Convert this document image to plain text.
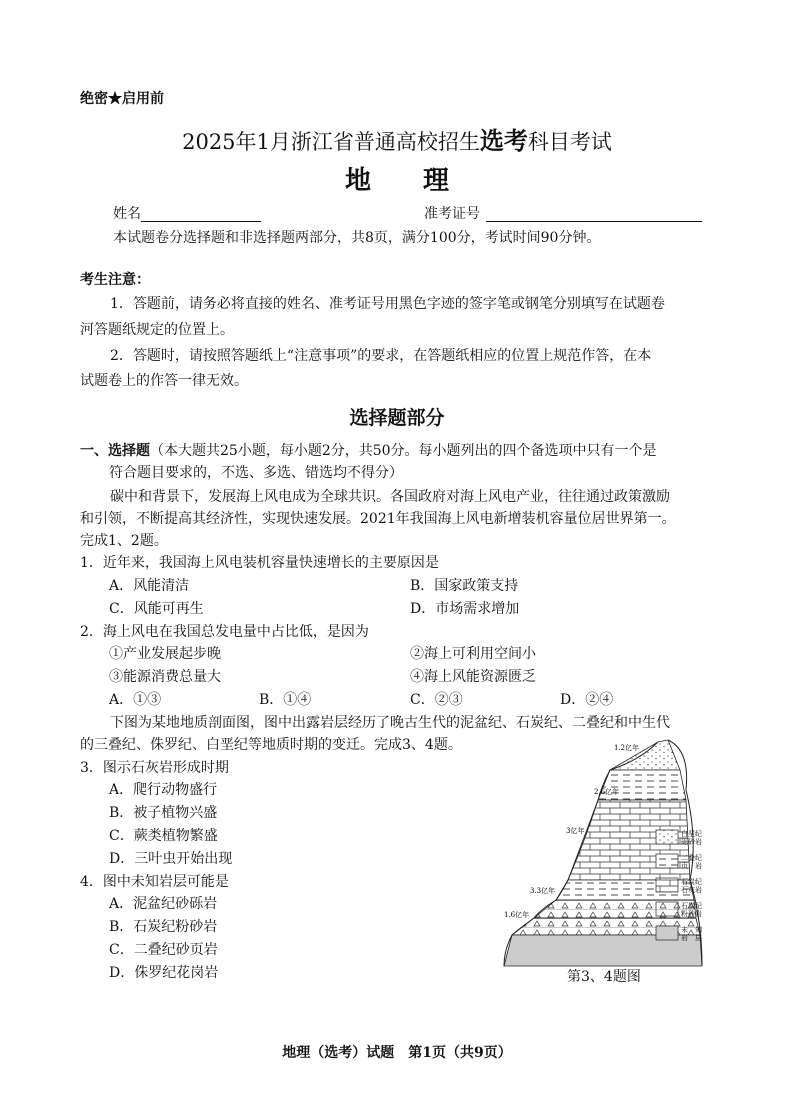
绝密★启用前
2025年1月浙江省普通高校招生选考科目考试
地　　理
姓名	准考证号
本试题卷分选择题和非选择题两部分，共8页，满分100分，考试时间90分钟。
考生注意：
1．答题前，请务必将直接的姓名、准考证号用黑色字迹的签字笔或钢笔分别填写在试题卷
河答题纸规定的位置上。
2．答题时，请按照答题纸上“注意事项”的要求，在答题纸相应的位置上规范作答，在本
试题卷上的作答一律无效。
选择题部分
一、选择题（本大题共25小题，每小题2分，共50分。每小题列出的四个备选项中只有一个是
符合题目要求的，不选、多选、错选均不得分）
碳中和背景下，发展海上风电成为全球共识。各国政府对海上风电产业，往往通过政策激励
和引领，不断提高其经济性，实现快速发展。2021年我国海上风电新增装机容量位居世界第一。
完成1、2题。
1．近年来，我国海上风电装机容量快速增长的主要原因是
A．风能清洁	B．国家政策支持
C．风能可再生	D．市场需求增加
2．海上风电在我国总发电量中占比低，是因为
①产业发展起步晚	②海上可利用空间小
③能源消费总量大	④海上风能资源匮乏
A．①③	B．①④	C．②③	D．②④
下图为某地地质剖面图，图中出露岩层经历了晚古生代的泥盆纪、石炭纪、二叠纪和中生代
的三叠纪、侏罗纪、白垩纪等地质时期的变迁。完成3、4题。
3．图示石灰岩形成时期
A．爬行动物盛行
B．被子植物兴盛
C．蕨类植物繁盛
D．三叶虫开始出现
4．图中未知岩层可能是
A．泥盆纪砂砾岩
B．石炭纪粉砂岩
C．二叠纪砂页岩
D．侏罗纪花岗岩
1.2亿年
2.6亿年
3亿年
3.3亿年
1.6亿年
白垩纪
砾砂岩
二叠纪
页　岩
石炭纪
石灰岩
石炭纪
粉砂岩
未　知
岩　层
第3、4题图
地理（选考）试题　第1页（共9页）
